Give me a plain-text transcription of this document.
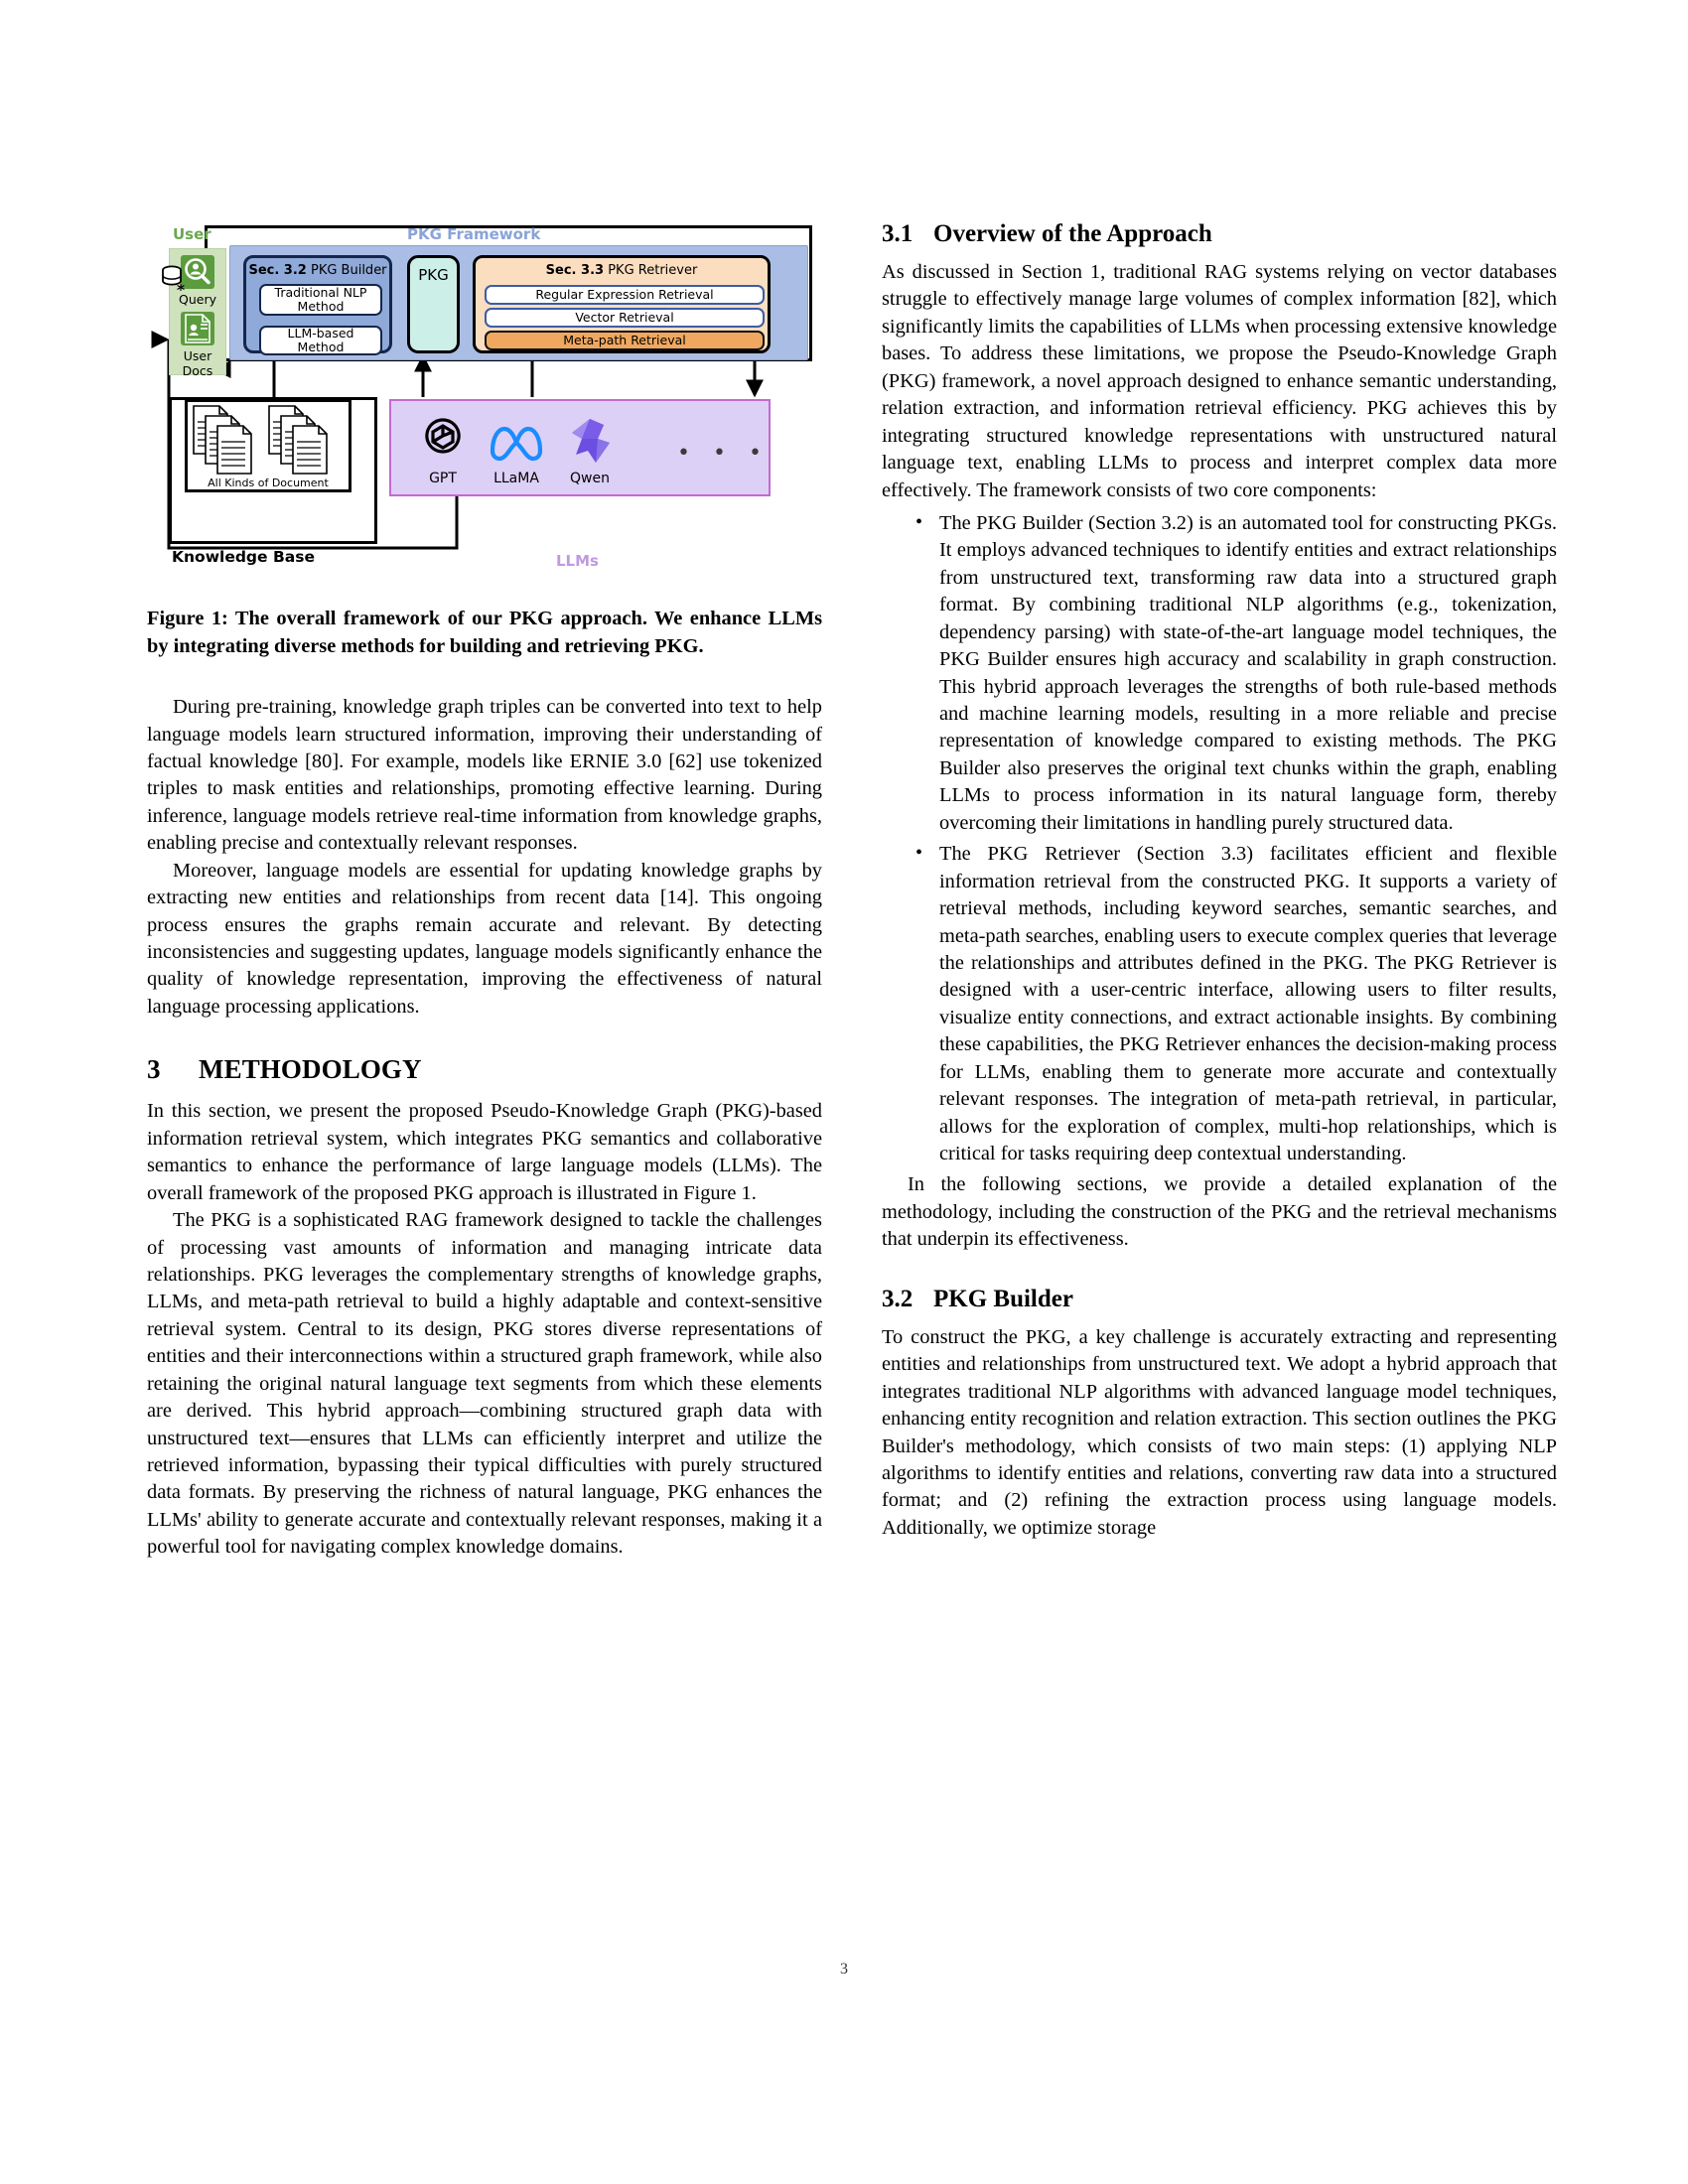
PKG Framework
User
Query
User
Docs
Sec. 3.2 PKG Builder
Traditional NLP Method
LLM-based Method
PKG	Sec. 3.3 PKG Retriever
Regular Expression Retrieval
Vector Retrieval
Meta-path Retrieval
All Kinds of Document
Knowledge Base
GPT	LLaMA	Qwen
• • •
LLMs

Figure 1: The overall framework of our PKG approach. We enhance LLMs by integrating diverse methods for building and retrieving PKG.

During pre-training, knowledge graph triples can be converted into text to help language models learn structured information, improving their understanding of factual knowledge [80]. For example, models like ERNIE 3.0 [62] use tokenized triples to mask entities and relationships, promoting effective learning. During inference, language models retrieve real-time information from knowledge graphs, enabling precise and contextually relevant responses.

Moreover, language models are essential for updating knowledge graphs by extracting new entities and relationships from recent data [14]. This ongoing process ensures the graphs remain accurate and relevant. By detecting inconsistencies and suggesting updates, language models significantly enhance the quality of knowledge representation, improving the effectiveness of natural language processing applications.

3 METHODOLOGY

In this section, we present the proposed Pseudo-Knowledge Graph (PKG)-based information retrieval system, which integrates PKG semantics and collaborative semantics to enhance the performance of large language models (LLMs). The overall framework of the proposed PKG approach is illustrated in Figure 1.

The PKG is a sophisticated RAG framework designed to tackle the challenges of processing vast amounts of information and managing intricate data relationships. PKG leverages the complementary strengths of knowledge graphs, LLMs, and meta-path retrieval to build a highly adaptable and context-sensitive retrieval system. Central to its design, PKG stores diverse representations of entities and their interconnections within a structured graph framework, while also retaining the original natural language text segments from which these elements are derived. This hybrid approach—combining structured graph data with unstructured text—ensures that LLMs can efficiently interpret and utilize the retrieved information, bypassing their typical difficulties with purely structured data formats. By preserving the richness of natural language, PKG enhances the LLMs' ability to generate accurate and contextually relevant responses, making it a powerful tool for navigating complex knowledge domains.

3.1 Overview of the Approach

As discussed in Section 1, traditional RAG systems relying on vector databases struggle to effectively manage large volumes of complex information [82], which significantly limits the capabilities of LLMs when processing extensive knowledge bases. To address these limitations, we propose the Pseudo-Knowledge Graph (PKG) framework, a novel approach designed to enhance semantic understanding, relation extraction, and information retrieval efficiency. PKG achieves this by integrating structured knowledge representations with unstructured natural language text, enabling LLMs to process and interpret complex data more effectively. The framework consists of two core components:

• The PKG Builder (Section 3.2) is an automated tool for constructing PKGs. It employs advanced techniques to identify entities and extract relationships from unstructured text, transforming raw data into a structured graph format. By combining traditional NLP algorithms (e.g., tokenization, dependency parsing) with state-of-the-art language model techniques, the PKG Builder ensures high accuracy and scalability in graph construction. This hybrid approach leverages the strengths of both rule-based methods and machine learning models, resulting in a more reliable and precise representation of knowledge compared to existing methods. The PKG Builder also preserves the original text chunks within the graph, enabling LLMs to process information in its natural language form, thereby overcoming their limitations in handling purely structured data.
• The PKG Retriever (Section 3.3) facilitates efficient and flexible information retrieval from the constructed PKG. It supports a variety of retrieval methods, including keyword searches, semantic searches, and meta-path searches, enabling users to execute complex queries that leverage the relationships and attributes defined in the PKG. The PKG Retriever is designed with a user-centric interface, allowing users to filter results, visualize entity connections, and extract actionable insights. By combining these capabilities, the PKG Retriever enhances the decision-making process for LLMs, enabling them to generate more accurate and contextually relevant responses. The integration of meta-path retrieval, in particular, allows for the exploration of complex, multi-hop relationships, which is critical for tasks requiring deep contextual understanding.

In the following sections, we provide a detailed explanation of the methodology, including the construction of the PKG and the retrieval mechanisms that underpin its effectiveness.

3.2 PKG Builder

To construct the PKG, a key challenge is accurately extracting and representing entities and relationships from unstructured text. We adopt a hybrid approach that integrates traditional NLP algorithms with advanced language model techniques, enhancing entity recognition and relation extraction. This section outlines the PKG Builder's methodology, which consists of two main steps: (1) applying NLP algorithms to identify entities and relations, converting raw data into a structured format; and (2) refining the extraction process using language models. Additionally, we optimize storage

3
